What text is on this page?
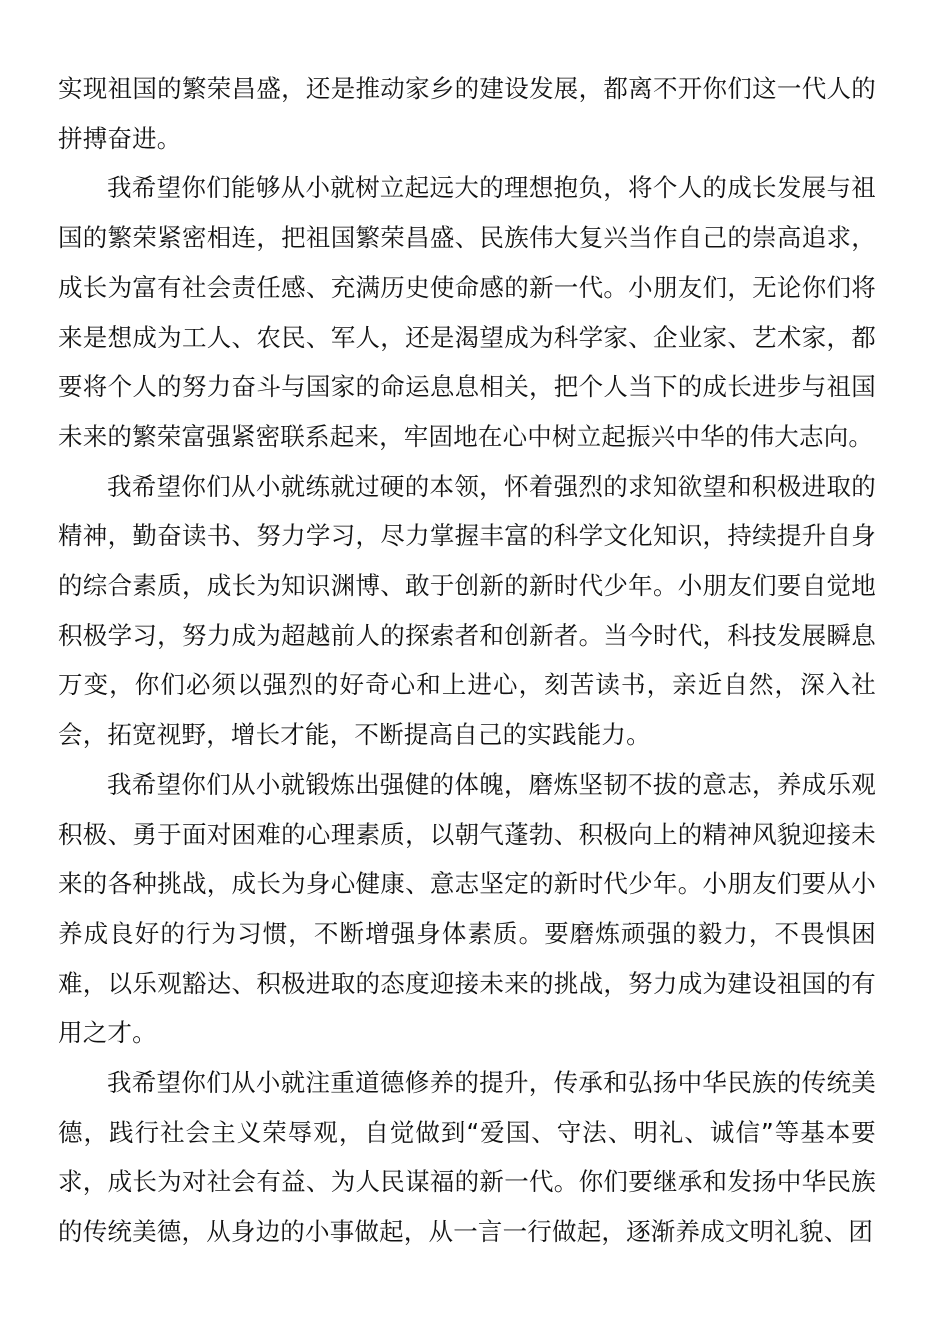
实现祖国的繁荣昌盛，还是推动家乡的建设发展，都离不开你们这一代人的拼搏奋进。

我希望你们能够从小就树立起远大的理想抱负，将个人的成长发展与祖国的繁荣紧密相连，把祖国繁荣昌盛、民族伟大复兴当作自己的崇高追求，成长为富有社会责任感、充满历史使命感的新一代。小朋友们，无论你们将来是想成为工人、农民、军人，还是渴望成为科学家、企业家、艺术家，都要将个人的努力奋斗与国家的命运息息相关，把个人当下的成长进步与祖国未来的繁荣富强紧密联系起来，牢固地在心中树立起振兴中华的伟大志向。

我希望你们从小就练就过硬的本领，怀着强烈的求知欲望和积极进取的精神，勤奋读书、努力学习，尽力掌握丰富的科学文化知识，持续提升自身的综合素质，成长为知识渊博、敢于创新的新时代少年。小朋友们要自觉地积极学习，努力成为超越前人的探索者和创新者。当今时代，科技发展瞬息万变，你们必须以强烈的好奇心和上进心，刻苦读书，亲近自然，深入社会，拓宽视野，增长才能，不断提高自己的实践能力。

我希望你们从小就锻炼出强健的体魄，磨炼坚韧不拔的意志，养成乐观积极、勇于面对困难的心理素质，以朝气蓬勃、积极向上的精神风貌迎接未来的各种挑战，成长为身心健康、意志坚定的新时代少年。小朋友们要从小养成良好的行为习惯，不断增强身体素质。要磨炼顽强的毅力，不畏惧困难，以乐观豁达、积极进取的态度迎接未来的挑战，努力成为建设祖国的有用之才。

我希望你们从小就注重道德修养的提升，传承和弘扬中华民族的传统美德，践行社会主义荣辱观，自觉做到“爱国、守法、明礼、诚信”等基本要求，成长为对社会有益、为人民谋福的新一代。你们要继承和发扬中华民族的传统美德，从身边的小事做起，从一言一行做起，逐渐养成文明礼貌、团
